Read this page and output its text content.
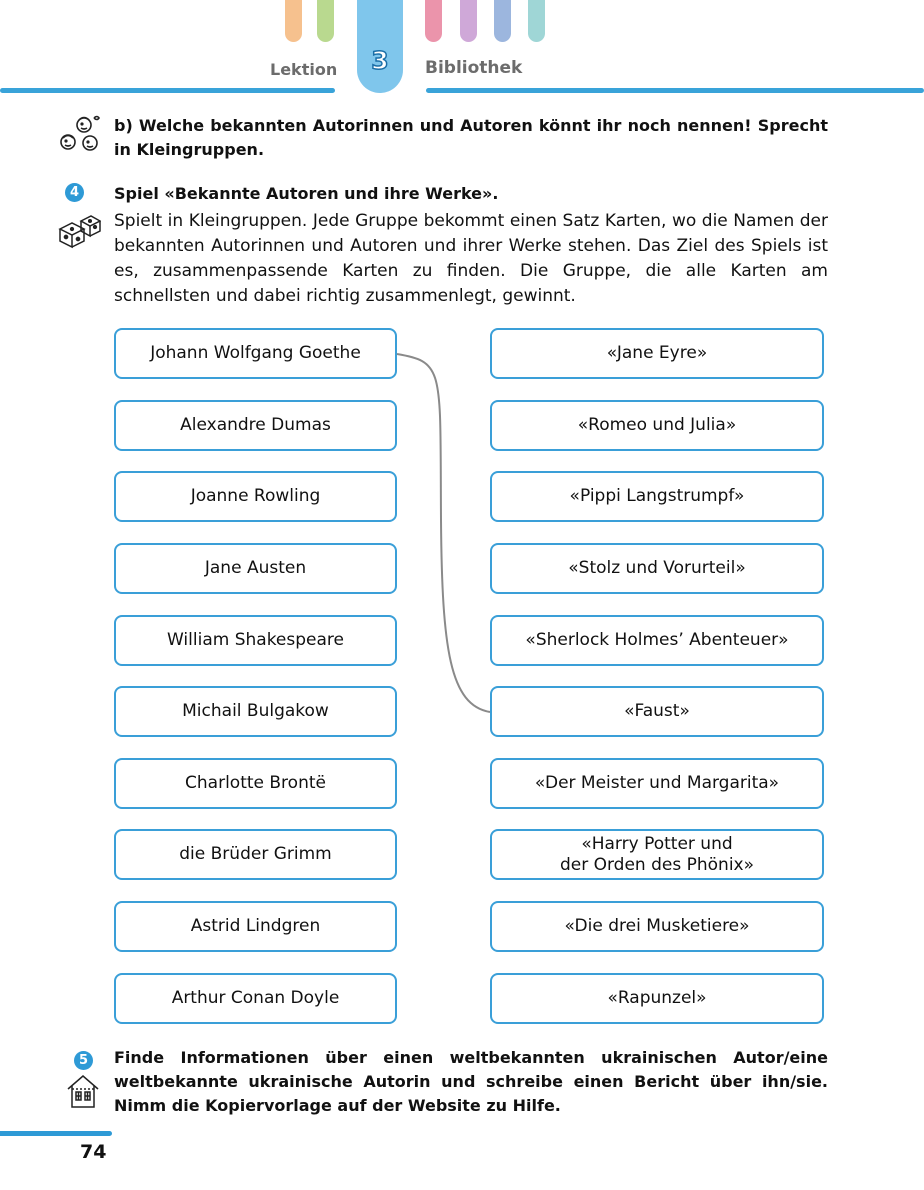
3
Lektion	Bibliothek
b) Welche bekannten Autorinnen und Autoren könnt ihr noch nennen! Sprecht in Kleingruppen.
4	Spiel «Bekannte Autoren und ihre Werke».
Spielt in Kleingruppen. Jede Gruppe bekommt einen Satz Karten, wo die Namen der bekannten Autorinnen und Autoren und ihrer Werke stehen. Das Ziel des Spiels ist es, zusammenpassende Karten zu finden. Die Gruppe, die alle Karten am schnellsten und dabei richtig zusammenlegt, gewinnt.
Johann Wolfgang Goethe
Alexandre Dumas
Joanne Rowling
Jane Austen
William Shakespeare
Michail Bulgakow
Charlotte Brontë
die Brüder Grimm
Astrid Lindgren
Arthur Conan Doyle
«Jane Eyre»
«Romeo und Julia»
«Pippi Langstrumpf»
«Stolz und Vorurteil»
«Sherlock Holmes’ Abenteuer»
«Faust»
«Der Meister und Margarita»
«Harry Potter und
der Orden des Phönix»
«Die drei Musketiere»
«Rapunzel»
5	Finde Informationen über einen weltbekannten ukrainischen Autor/eine weltbekannte ukrainische Autorin und schreibe einen Bericht über ihn/sie. Nimm die Kopiervorlage auf der Website zu Hilfe.
74
